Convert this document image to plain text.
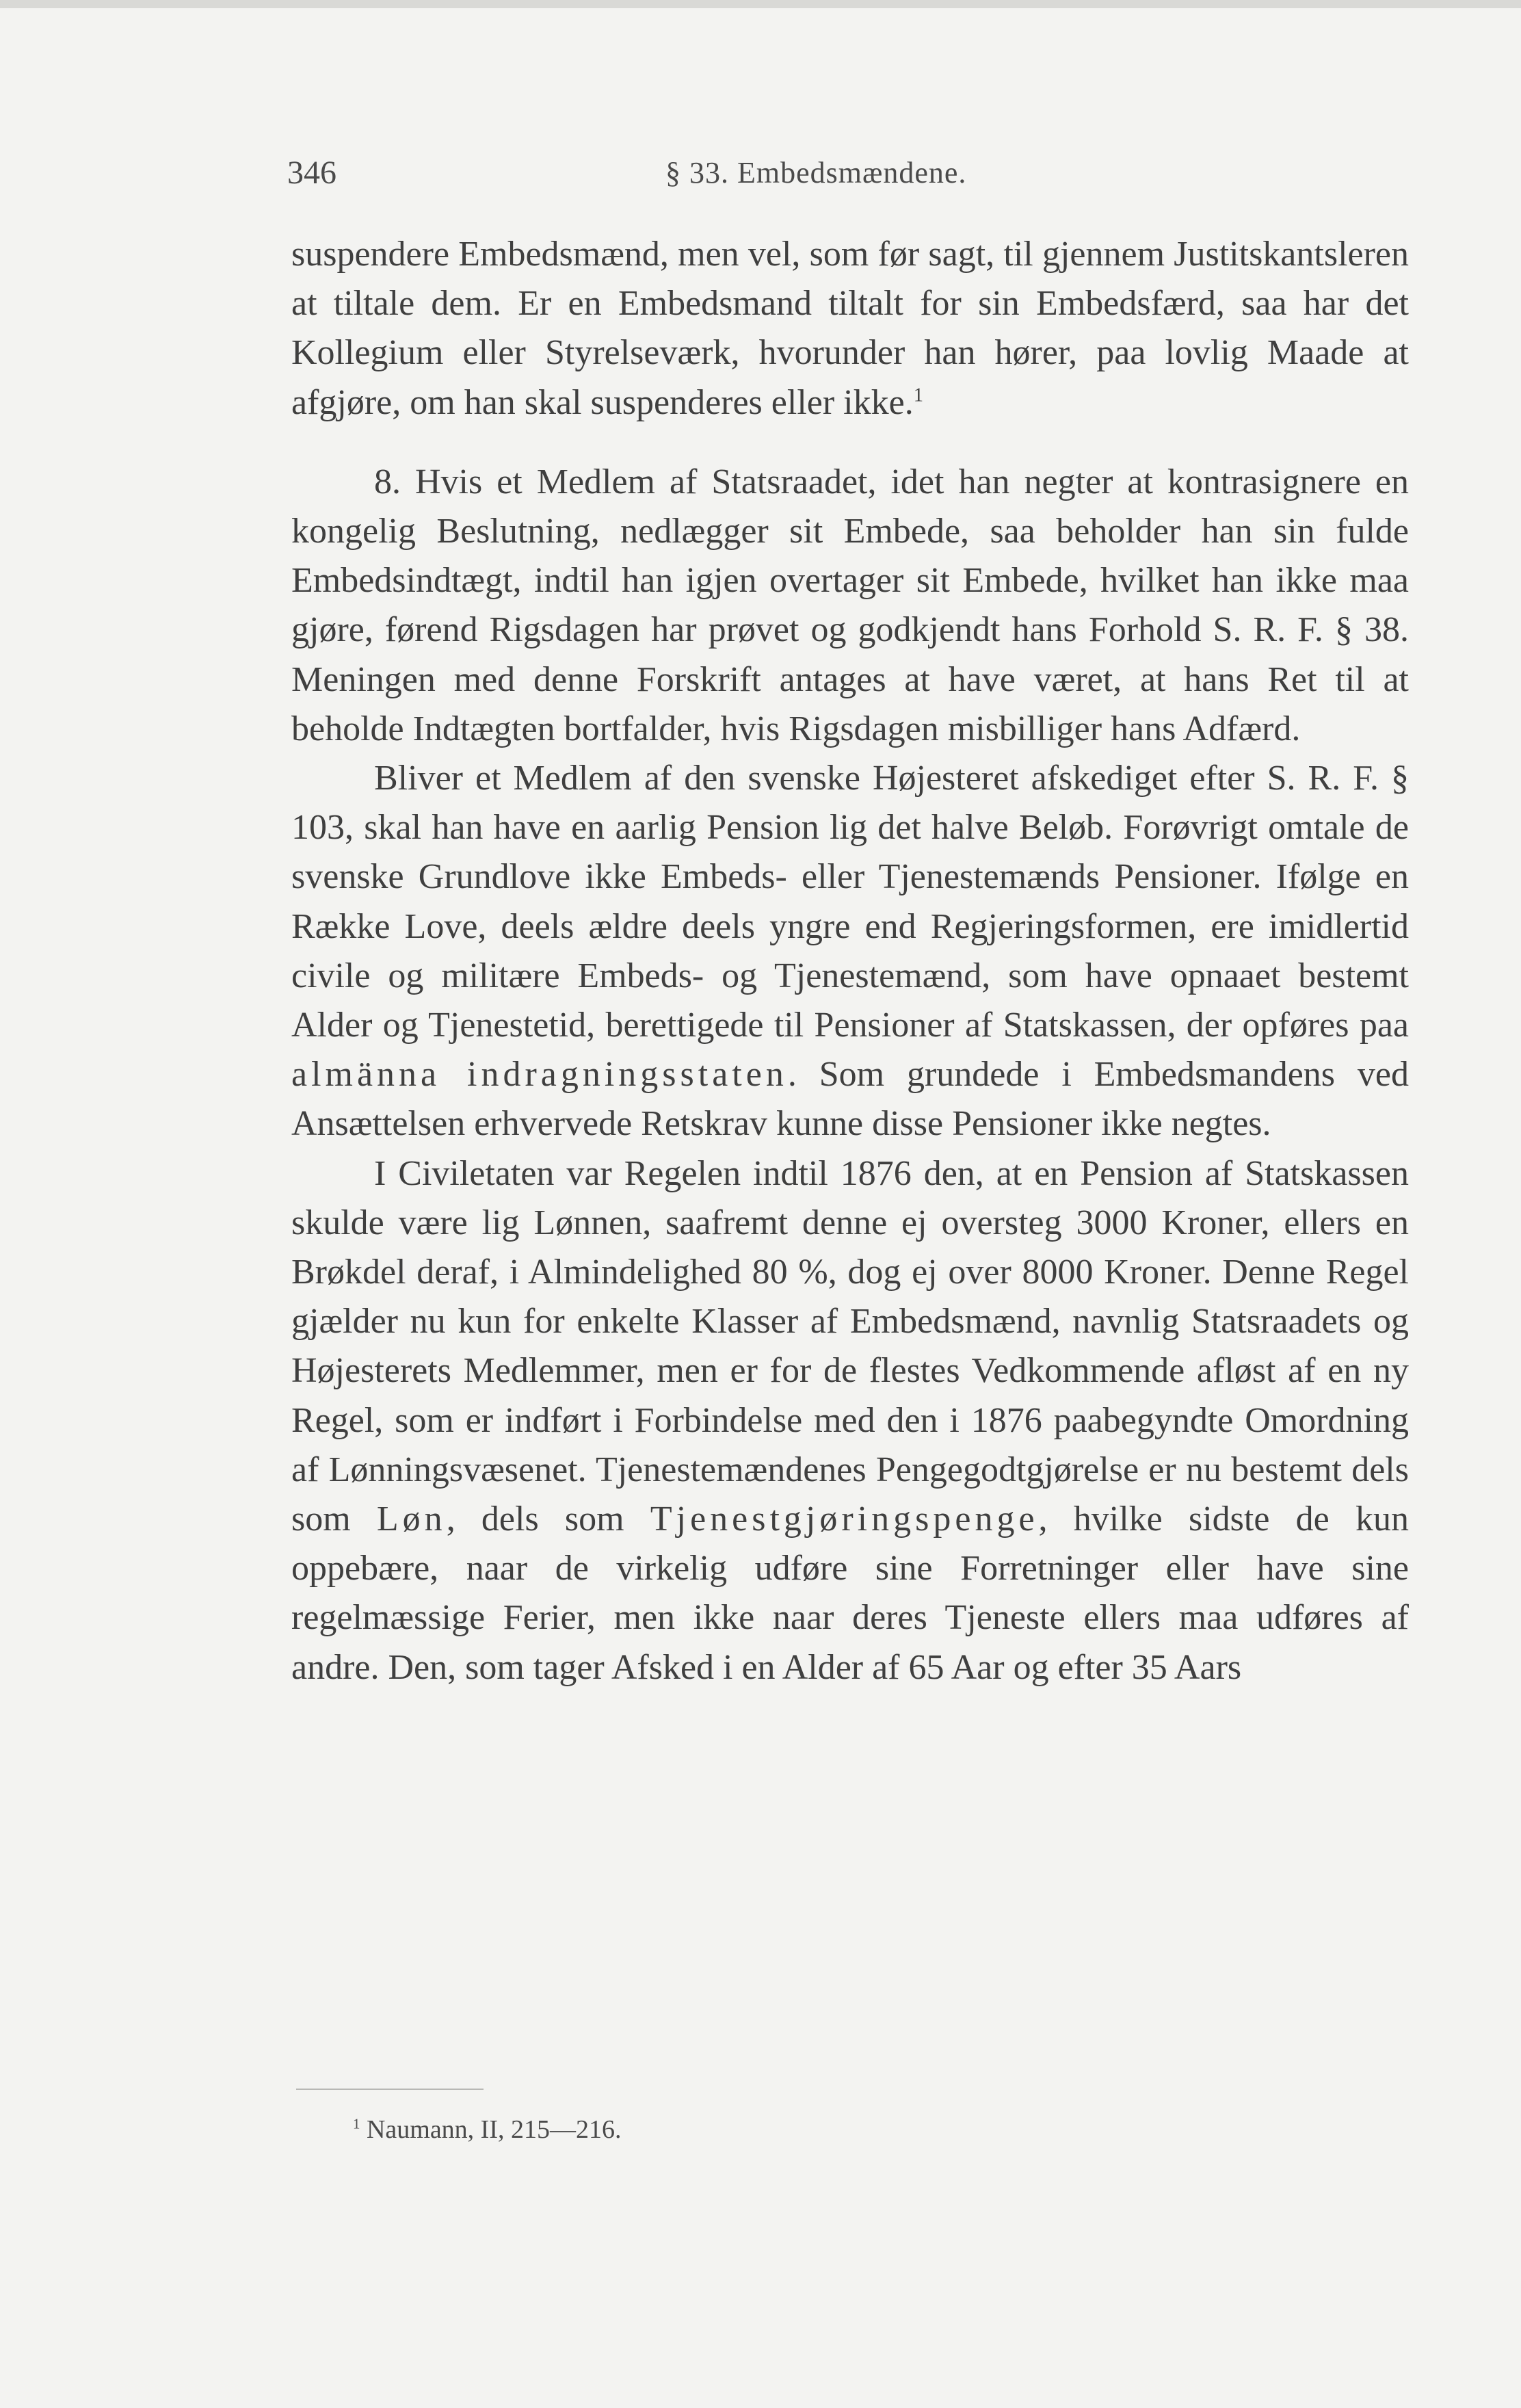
346	§ 33. Embedsmændene.

suspendere Embedsmænd, men vel, som før sagt, til gjennem Justitskantsleren at tiltale dem. Er en Embedsmand tiltalt for sin Embedsfærd, saa har det Kollegium eller Styrelseværk, hvorunder han hører, paa lovlig Maade at afgjøre, om han skal suspenderes eller ikke.$^1$

8. Hvis et Medlem af Statsraadet, idet han negter at kontrasignere en kongelig Beslutning, nedlægger sit Embede, saa beholder han sin fulde Embedsindtægt, indtil han igjen overtager sit Embede, hvilket han ikke maa gjøre, førend Rigsdagen har prøvet og godkjendt hans Forhold S. R. F. § 38. Meningen med denne Forskrift antages at have været, at hans Ret til at beholde Indtægten bortfalder, hvis Rigsdagen misbilliger hans Adfærd.

Bliver et Medlem af den svenske Højesteret afskediget efter S. R. F. § 103, skal han have en aarlig Pension lig det halve Beløb. Forøvrigt omtale de svenske Grundlove ikke Embeds- eller Tjenestemænds Pensioner. Ifølge en Række Love, deels ældre deels yngre end Regjeringsformen, ere imidlertid civile og militære Embeds- og Tjenestemænd, som have opnaaet bestemt Alder og Tjenestetid, berettigede til Pensioner af Statskassen, der opføres paa almänna indragningsstaten. Som grundede i Embedsmandens ved Ansættelsen erhvervede Retskrav kunne disse Pensioner ikke negtes.

I Civiletaten var Regelen indtil 1876 den, at en Pension af Statskassen skulde være lig Lønnen, saafremt denne ej oversteg 3000 Kroner, ellers en Brøkdel deraf, i Almindelighed 80 %, dog ej over 8000 Kroner. Denne Regel gjælder nu kun for enkelte Klasser af Embedsmænd, navnlig Statsraadets og Højesterets Medlemmer, men er for de flestes Vedkommende afløst af en ny Regel, som er indført i Forbindelse med den i 1876 paabegyndte Omordning af Lønningsvæsenet. Tjenestemændenes Pengegodtgjørelse er nu bestemt dels som Løn, dels som Tjenestgjøringspenge, hvilke sidste de kun oppebære, naar de virkelig udføre sine Forretninger eller have sine regelmæssige Ferier, men ikke naar deres Tjeneste ellers maa udføres af andre. Den, som tager Afsked i en Alder af 65 Aar og efter 35 Aars

$^1$ Naumann, II, 215—216.
